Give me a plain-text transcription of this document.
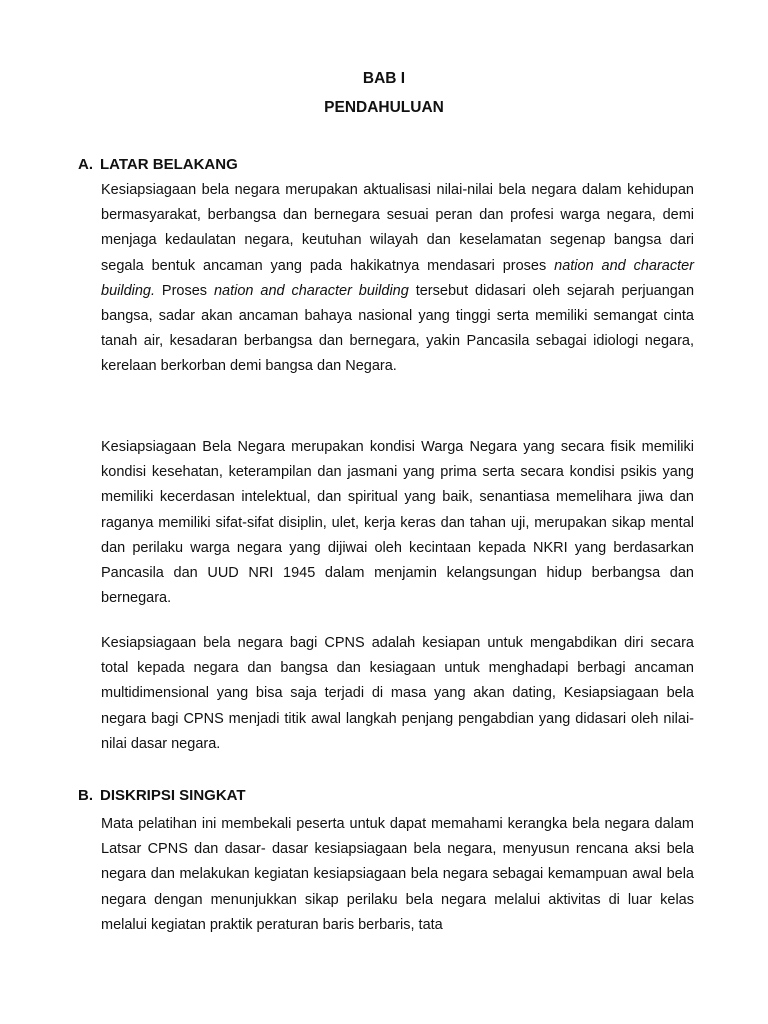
BAB I
PENDAHULUAN
A. LATAR BELAKANG

Kesiapsiagaan bela negara merupakan aktualisasi nilai-nilai bela negara dalam kehidupan bermasyarakat, berbangsa dan bernegara sesuai peran dan profesi warga negara, demi menjaga kedaulatan negara, keutuhan wilayah dan keselamatan segenap bangsa dari segala bentuk ancaman yang pada hakikatnya mendasari proses nation and character building. Proses nation and character building tersebut didasari oleh sejarah perjuangan bangsa, sadar akan ancaman bahaya nasional yang tinggi serta memiliki semangat cinta tanah air, kesadaran berbangsa dan bernegara, yakin Pancasila sebagai idiologi negara, kerelaan berkorban demi bangsa dan Negara.

Kesiapsiagaan Bela Negara merupakan kondisi Warga Negara yang secara fisik memiliki kondisi kesehatan, keterampilan dan jasmani yang prima serta secara kondisi psikis yang memiliki kecerdasan intelektual, dan spiritual yang baik, senantiasa memelihara jiwa dan raganya memiliki sifat-sifat disiplin, ulet, kerja keras dan tahan uji, merupakan sikap mental dan perilaku warga negara yang dijiwai oleh kecintaan kepada NKRI yang berdasarkan Pancasila dan UUD NRI 1945 dalam menjamin kelangsungan hidup berbangsa dan bernegara.

Kesiapsiagaan bela negara bagi CPNS adalah kesiapan untuk mengabdikan diri secara total kepada negara dan bangsa dan kesiagaan untuk menghadapi berbagi ancaman multidimensional yang bisa saja terjadi di masa yang akan dating, Kesiapsiagaan bela negara bagi CPNS menjadi titik awal langkah penjang pengabdian yang didasari oleh nilai-nilai dasar negara.

B. DISKRIPSI SINGKAT

Mata pelatihan ini membekali peserta untuk dapat memahami kerangka bela negara dalam Latsar CPNS dan dasar- dasar kesiapsiagaan bela negara, menyusun rencana aksi bela negara dan melakukan kegiatan kesiapsiagaan bela negara sebagai kemampuan awal bela negara dengan menunjukkan sikap perilaku bela negara melalui aktivitas di luar kelas melalui kegiatan praktik peraturan baris berbaris, tata
